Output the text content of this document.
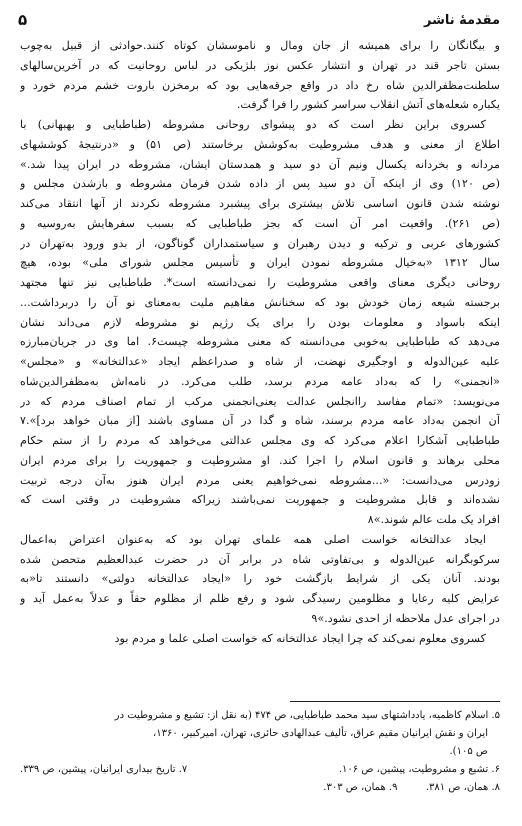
مقدمهٔ ناشر
۵
و بیگانگان را برای همیشه از جان ومال و ناموسشان کوتاه کنند.حوادثی از قبیل به‌چوب
بستن تاجر قند در تهران و انتشار عکس نوز بلژیکی در لباس روحانیت که در آخرین‌سالهای
سلطنت‌مظفرالدین شاه رخ داد در واقع جرقه‌هایی بود که برمخزن باروت خشم مردم خورد و
یکباره شعله‌های آتش انقلاب سراسر کشور را فرا گرفت.
کسروی براین نظر است که دو پیشوای روحانی مشروطه (طباطبایی و بهبهانی) با
اطلاع از معنی و هدف مشروطیت به‌کوشش برخاستند (ص ۵۱) و «درنتیجهٔ کوششهای
مردانه و بخردانه یکسال ونیم آن دو سید و همدستان ایشان، مشروطه در ایران پیدا شد.»
(ص ۱۲۰) وی از اینکه آن دو سید پس از داده شدن فرمان مشروطه و بازشدن مجلس و
نوشته شدن قانون اساسی تلاش بیشتری برای پیشبرد مشروطه نکردند از آنها انتقاد می‌کند
(ص ۲۶۱). واقعیت امر آن است که بجز طباطبایی که بسبب سفرهایش به‌روسیه و
کشورهای عربی و ترکیه و دیدن رهبران و سیاستمداران گوناگون، از بدو ورود به‌تهران در
سال ۱۳۱۲ «به‌خیال مشروطه نمودن ایران و تأسیس مجلس شورای ملی» بوده، هیچ
روحانی دیگری معنای واقعی مشروطیت را نمی‌دانسته است*. طباطبایی نیز تنها مجتهد
برجسته شیعه زمان خودش بود که سخنانش مفاهیم ملیت به‌معنای نو آن را دربرداشت...
اینکه باسواد و معلومات بودن را برای یک رژیم نو مشروطه لازم می‌داند نشان
می‌دهد که طباطبایی به‌خوبی می‌دانسته که معنی مشروطه چیست۶. اما وی در جریان‌مبارزه
علیه عین‌الدوله و اوجگیری نهضت، از شاه و صدراعظم ایجاد «عدالتخانه» و «مجلس»
«انجمنی» را که به‌داد عامه مردم برسد، طلب می‌کرد. در نامه‌اش به‌مظفرالدین‌شاه
می‌نویسد: «تمام مفاسد راانجلس عدالت یعنی‌انجمنی مرکب از تمام اصناف مردم که در
آن انجمن به‌داد عامه مردم برسند، شاه و گدا در آن مساوی باشند [از مبان خواهد برد]».۷
طباطبایی آشکارا اعلام می‌کرد که وی مجلس عدالتی می‌خواهد که مردم را از ستم حکام
محلی برهاند و قانون اسلام را اجرا کند. او مشروطیت و جمهوریت را برای مردم ایران
زودرس می‌دانست: «...مشروطه نمی‌خواهیم یعنی مردم ایران هنوز به‌آن درجه تربیت
نشده‌اند و قابل مشروطیت و جمهوریت نمی‌باشند زیراکه مشروطیت در وقتی است که
افراد یک ملت عالم شوند.»۸
ایجاد عدالتخانه خواست اصلی همه علمای تهران بود که به‌عنوان اعتراض به‌اعمال
سرکوبگرانه عین‌الدوله و بی‌تفاوتی شاه در برابر آن در حضرت عبدالعظیم متحصن شده
بودند. آنان یکی از شرایط بازگشت خود را «ایجاد عدالتخانه دولتی» دانستند تا«به
عرایض کلیه رعایا و مظلومین رسیدگی شود و رفع ظلم از مظلوم حقاً و عدلاً به‌عمل آید و
در اجرای عدل ملاحظه از احدی نشود.»۹
کسروی معلوم نمی‌کند که چرا ایجاد عدالتخانه که خواست اصلی علما و مردم بود
۵. اسلام کاظمیه، یادداشتهای سید محمد طباطبایی، ص ۴۷۴ (به نقل از: تشیع و مشروطیت در
ایران و نقش ایرانیان مقیم عراق، تألیف عبدالهادی حائری، تهران، امیرکبیر، ۱۳۶۰،
ص ۱۰۵).
۶. تشیع و مشروطیت، پیشین، ص ۱۰۶.
۷. تاریخ بیداری ایرانیان، پیشین، ص ۳۳۹.
۸. همان، ص ۳۸۱.  ۹. همان، ص ۳۰۳.
